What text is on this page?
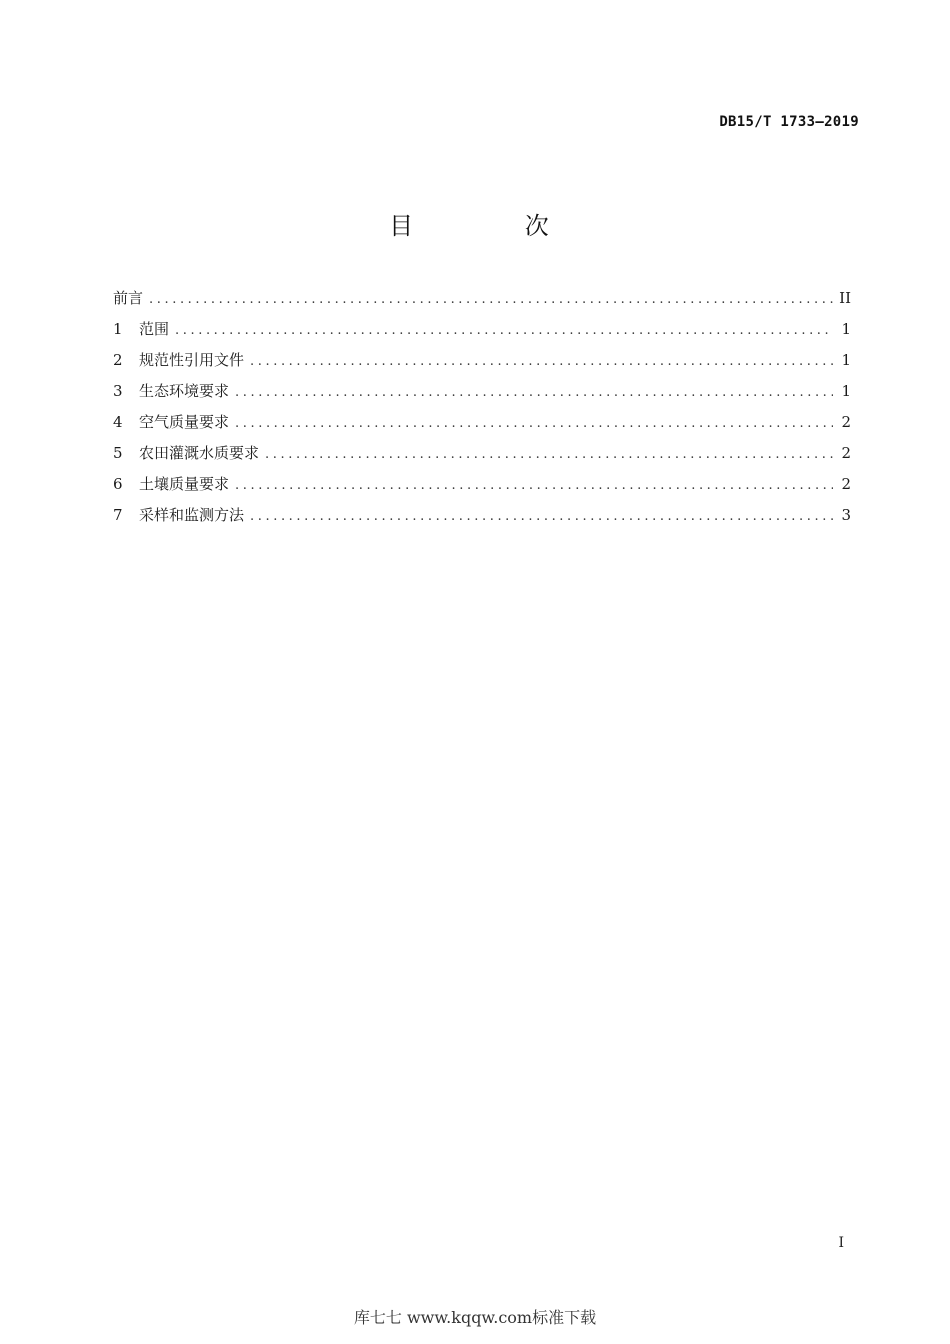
DB15/T 1733—2019
目 次
前言 .....	II
1	范围 .....	1
2	规范性引用文件 .....	1
3	生态环境要求 .....	1
4	空气质量要求 .....	2
5	农田灌溉水质要求 .....	2
6	土壤质量要求 .....	2
7	采样和监测方法 .....	3
I
库七七 www.kqqw.com标准下载
